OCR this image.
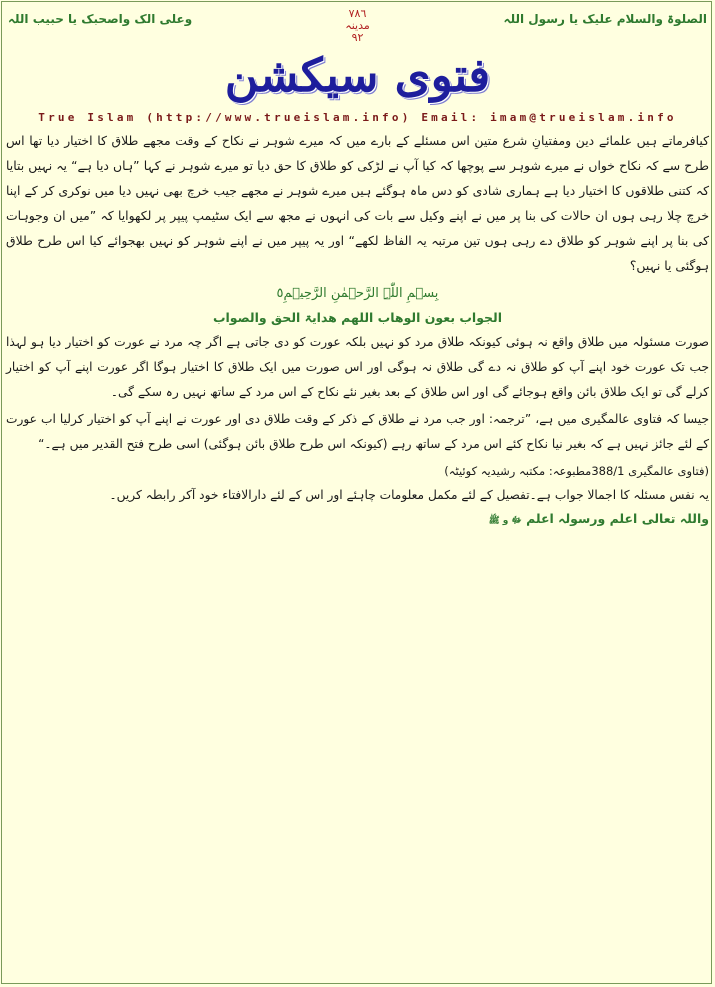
الصلوۃ والسلام علیک یا رسول اللہ
٧٨٦
مدینہ
٩٢
وعلی الک واصحبک یا حبیب اللہ
فتوی سیکشن
True Islam (http://www.trueislam.info) Email: imam@trueislam.info

کیافرماتے ہیں علمائے دین ومفتیانِ شرع متین اس مسئلے کے بارے میں کہ میرے شوہر نے نکاح کے وقت مجھے طلاق کا اختیار دیا تھا اس طرح سے کہ نکاح خواں نے میرے شوہر سے پوچھا کہ کیا آپ نے لڑکی کو طلاق کا حق دیا تو میرے شوہر نے کہا ”ہاں دیا ہے“ یہ نہیں بتایا کہ کتنی طلاقوں کا اختیار دیا ہے ہماری شادی کو دس ماہ ہوگئے ہیں میرے شوہر نے مجھے جیب خرچ بھی نہیں دیا میں نوکری کر کے اپنا خرچ چلا رہی ہوں ان حالات کی بنا پر میں نے اپنے وکیل سے بات کی انہوں نے مجھ سے ایک سٹیمپ پیپر پر لکھوایا کہ ”میں ان وجوہات کی بنا پر اپنے شوہر کو طلاق دے رہی ہوں تین مرتبہ یہ الفاظ لکھے“ اور یہ پیپر میں نے اپنے شوہر کو نہیں بھجوائے کیا اس طرح طلاق ہوگئی یا نہیں؟

بِسۡمِ اللّٰہِ الرَّحۡمٰنِ الرَّحِیۡمِ٥
الجواب بعون الوھاب اللھم ھدایۃ الحق والصواب

صورت مسئولہ میں طلاق واقع نہ ہوئی کیونکہ طلاق مرد کو نہیں بلکہ عورت کو دی جاتی ہے اگر چہ مرد نے عورت کو اختیار دیا ہو لہذا جب تک عورت خود اپنے آپ کو طلاق نہ دے گی طلاق نہ ہوگی اور اس صورت میں ایک طلاق کا اختیار ہوگا اگر عورت اپنے آپ کو اختیار کرلے گی تو ایک طلاق بائن واقع ہوجائے گی اور اس طلاق کے بعد بغیر نئے نکاح کے اس مرد کے ساتھ نہیں رہ سکے گی۔

جیسا کہ فتاوی عالمگیری میں ہے، ”ترجمہ: اور جب مرد نے طلاق کے ذکر کے وقت طلاق دی اور عورت نے اپنے آپ کو اختیار کرلیا اب عورت کے لئے جائز نہیں ہے کہ بغیر نیا نکاح کئے اس مرد کے ساتھ رہے (کیونکہ اس طرح طلاق بائن ہوگئی) اسی طرح فتح القدیر میں ہے۔“

(فتاوی عالمگیری 388/1مطبوعہ: مکتبہ رشیدیہ کوئیٹہ)
یہ نفس مسئلہ کا اجمالا جواب ہے۔تفصیل کے لئے مکمل معلومات چاہئے اور اس کے لئے دارالافتاء خود آکر رابطہ کریں۔
واللہ تعالی اعلم ورسولہ اعلم ﷻ و ﷺ
